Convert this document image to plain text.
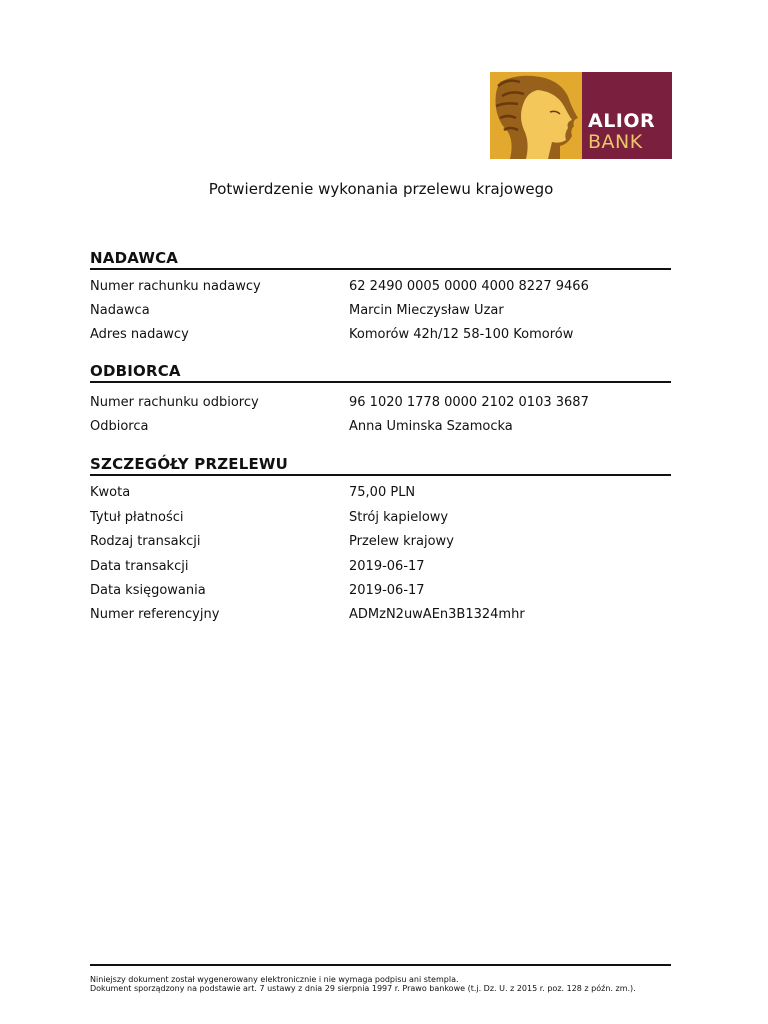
ALIOR
BANK
Potwierdzenie wykonania przelewu krajowego
NADAWCA
Numer rachunku nadawcy	62 2490 0005 0000 4000 8227 9466
Nadawca	Marcin Mieczysław Uzar
Adres nadawcy	Komorów 42h/12 58-100 Komorów
ODBIORCA
Numer rachunku odbiorcy	96 1020 1778 0000 2102 0103 3687
Odbiorca	Anna Uminska Szamocka
SZCZEGÓŁY PRZELEWU
Kwota	75,00 PLN
Tytuł płatności	Strój kapielowy
Rodzaj transakcji	Przelew krajowy
Data transakcji	2019-06-17
Data księgowania	2019-06-17
Numer referencyjny	ADMzN2uwAEn3B1324mhr
Niniejszy dokument został wygenerowany elektronicznie i nie wymaga podpisu ani stempla.
Dokument sporządzony na podstawie art. 7 ustawy z dnia 29 sierpnia 1997 r. Prawo bankowe (t.j. Dz. U. z 2015 r. poz. 128 z późn. zm.).
